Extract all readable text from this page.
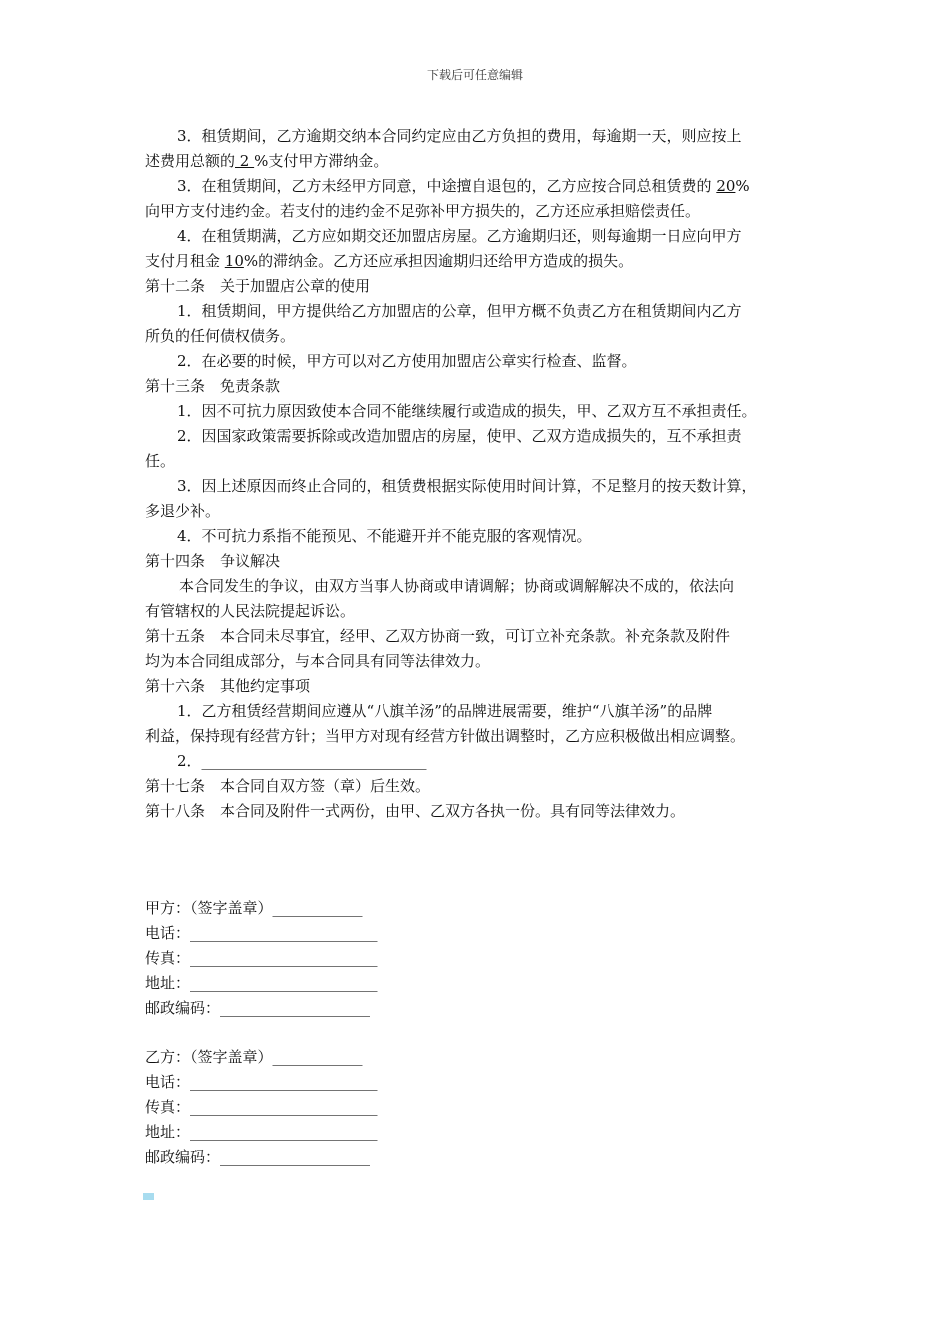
下载后可任意编辑

3．租赁期间，乙方逾期交纳本合同约定应由乙方负担的费用，每逾期一天，则应按上

述费用总额的 2 %支付甲方滞纳金。

3．在租赁期间，乙方未经甲方同意，中途擅自退包的，乙方应按合同总租赁费的 20%

向甲方支付违约金。若支付的违约金不足弥补甲方损失的，乙方还应承担赔偿责任。

4．在租赁期满，乙方应如期交还加盟店房屋。乙方逾期归还，则每逾期一日应向甲方

支付月租金 10%的滞纳金。乙方还应承担因逾期归还给甲方造成的损失。

第十二条　关于加盟店公章的使用

1．租赁期间，甲方提供给乙方加盟店的公章，但甲方概不负责乙方在租赁期间内乙方

所负的任何债权债务。

2．在必要的时候，甲方可以对乙方使用加盟店公章实行检查、监督。

第十三条　免责条款

1．因不可抗力原因致使本合同不能继续履行或造成的损失，甲、乙双方互不承担责任。

2．因国家政策需要拆除或改造加盟店的房屋，使甲、乙双方造成损失的，互不承担责

任。

3．因上述原因而终止合同的，租赁费根据实际使用时间计算，不足整月的按天数计算，

多退少补。

4．不可抗力系指不能预见、不能避开并不能克服的客观情况。

第十四条　争议解决

本合同发生的争议，由双方当事人协商或申请调解；协商或调解解决不成的，依法向

有管辖权的人民法院提起诉讼。

第十五条　本合同未尽事宜，经甲、乙双方协商一致，可订立补充条款。补充条款及附件

均为本合同组成部分，与本合同具有同等法律效力。

第十六条　其他约定事项

1．乙方租赁经营期间应遵从“八旗羊汤”的品牌进展需要，维护“八旗羊汤”的品牌

利益，保持现有经营方针；当甲方对现有经营方针做出调整时，乙方应积极做出相应调整。

2．______________________________

第十七条　本合同自双方签（章）后生效。

第十八条　本合同及附件一式两份，由甲、乙双方各执一份。具有同等法律效力。

甲方：（签字盖章）____________
电话：_________________________
传真：_________________________
地址：_________________________
邮政编码：____________________
乙方：（签字盖章）____________
电话：_________________________
传真：_________________________
地址：_________________________
邮政编码：____________________
